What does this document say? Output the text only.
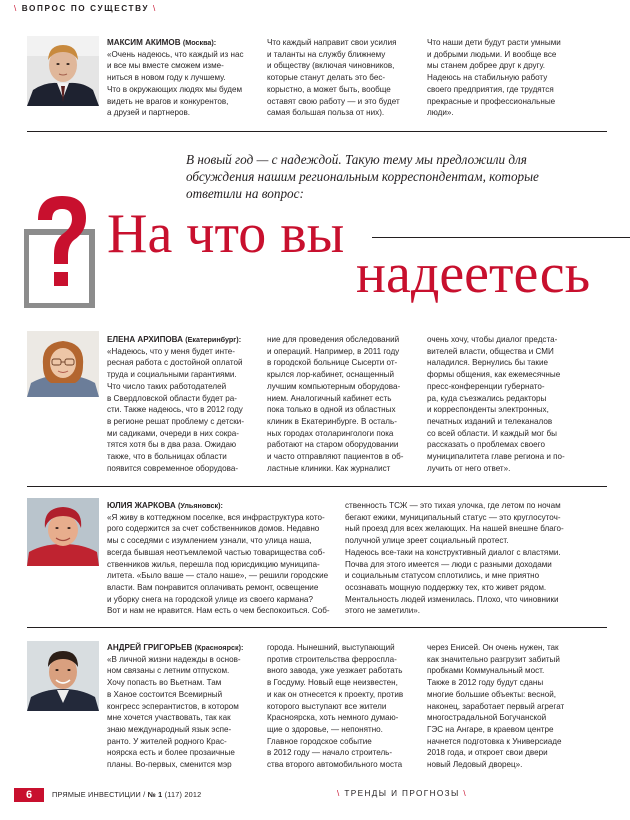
\ ВОПРОС ПО СУЩЕСТВУ \
МАКСИМ АКИМОВ (Москва):
«Очень надеюсь, что каждый из нас
и все мы вместе сможем изме-
ниться в новом году к лучшему.
Что в окружающих людях мы будем
видеть не врагов и конкурентов,
а друзей и партнеров.
Что каждый направит свои усилия
и таланты на службу ближнему
и обществу (включая чиновников,
которые станут делать это бес-
корыстно, а может быть, вообще
оставят свою работу — и это будет
самая большая польза от них).
Что наши дети будут расти умными
и добрыми людьми. И вообще все
мы станем добрее друг к другу.
Надеюсь на стабильную работу
своего предприятия, где трудятся
прекрасные и профессиональные
люди».
В новый год — с надеждой. Такую тему мы предложили для
обсуждения нашим региональным корреспондентам, которые
ответили на вопрос:
На что вы
надеетесь
ЕЛЕНА АРХИПОВА (Екатеринбург):
«Надеюсь, что у меня будет инте-
ресная работа с достойной оплатой
труда и социальными гарантиями.
Что число таких работодателей
в Свердловской области будет ра-
сти. Также надеюсь, что в 2012 году
в регионе решат проблему с детски-
ми садиками, очереди в них сокра-
тятся хотя бы в два раза. Ожидаю
также, что в больницах области
появится современное оборудова-
ние для проведения обследований
и операций. Например, в 2011 году
в городской больнице Сысерти от-
крылся лор-кабинет, оснащенный
лучшим компьютерным оборудова-
нием. Аналогичный кабинет есть
пока только в одной из областных
клиник в Екатеринбурге. В осталь-
ных городах отоларингологи пока
работают на старом оборудовании
и часто отправляют пациентов в об-
ластные клиники. Как журналист
очень хочу, чтобы диалог предста-
вителей власти, общества и СМИ
наладился. Вернулись бы такие
формы общения, как ежемесячные
пресс-конференции губернато-
ра, куда съезжались редакторы
и корреспонденты электронных,
печатных изданий и телеканалов
со всей области. И каждый мог бы
рассказать о проблемах своего
муниципалитета главе региона и по-
лучить от него ответ».
ЮЛИЯ ЖАРКОВА (Ульяновск):
«Я живу в коттеджном поселке, вся инфраструктура кото-
рого содержится за счет собственников домов. Недавно
мы с соседями с изумлением узнали, что улица наша,
всегда бывшая неотъемлемой частью товарищества соб-
ственников жилья, перешла под юрисдикцию муниципа-
литета. «Было ваше — стало наше», — решили городские
власти. Вам понравится оплачивать ремонт, освещение
и уборку снега на городской улице из своего кармана?
Вот и нам не нравится. Нам есть о чем беспокоиться. Соб-
ственность ТСЖ — это тихая улочка, где летом по ночам
бегают ежики, муниципальный статус — это круглосуточ-
ный проезд для всех желающих. На нашей внешне благо-
получной улице зреет социальный протест.
Надеюсь все-таки на конструктивный диалог с властями.
Почва для этого имеется — люди с разными доходами
и социальным статусом сплотились, и мне приятно
осознавать мощную поддержку тех, кто живет рядом.
Ментальность людей изменилась. Плохо, что чиновники
этого не заметили».
АНДРЕЙ ГРИГОРЬЕВ (Красноярск):
«В личной жизни надежды в основ-
ном связаны с летним отпуском.
Хочу попасть во Вьетнам. Там
в Ханое состоится Всемирный
конгресс эсперантистов, в котором
мне хочется участвовать, так как
знаю международный язык эспе-
ранто. У жителей родного Крас-
ноярска есть и более прозаичные
планы. Во-первых, сменится мэр
города. Нынешний, выступающий
против строительства ферроспла-
вного завода, уже уезжает работать
в Госдуму. Новый еще неизвестен,
и как он отнесется к проекту, против
которого выступают все жители
Красноярска, хоть немного думаю-
щие о здоровье, — непонятно.
Главное городское событие
в 2012 году — начало строитель-
ства второго автомобильного моста
через Енисей. Он очень нужен, так
как значительно разгрузит забитый
пробками Коммунальный мост.
Также в 2012 году будут сданы
многие большие объекты: весной,
наконец, заработает первый агрегат
многострадальной Богучанской
ГЭС на Ангаре, в краевом центре
начнется подготовка к Универсиаде
2018 года, и откроет свои двери
новый Ледовый дворец».
6	ПРЯМЫЕ ИНВЕСТИЦИИ / № 1 (117) 2012	\ ТРЕНДЫ И ПРОГНОЗЫ \
